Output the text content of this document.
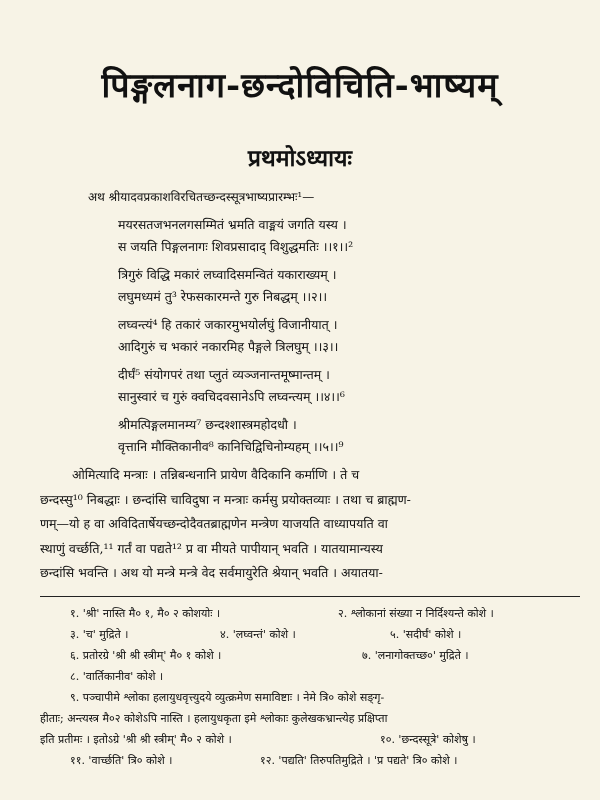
पिङ्गलनाग-छन्दोविचिति-भाष्यम्
प्रथमोऽध्यायः
अथ श्रीयादवप्रकाशविरचितच्छन्दस्सूत्रभाष्यप्रारम्भः¹—
मयरसतजभनलगसम्मितं भ्रमति वाङ्मयं जगति यस्य ।
स जयति पिङ्गलनागः शिवप्रसादाद् विशुद्धमतिः ।।१।।²
त्रिगुरुं विद्धि मकारं लघ्वादिसमन्वितं यकाराख्यम् ।
लघुमध्यमं तु³ रेफसकारमन्ते गुरु निबद्धम् ।।२।।
लघ्वन्त्यं⁴ हि तकारं जकारमुभयोर्लघुं विजानीयात् ।
आदिगुरुं च भकारं नकारमिह पैङ्गले त्रिलघुम् ।।३।।
दीर्घं⁵ संयोगपरं तथा प्लुतं व्यञ्जनान्तमूष्मान्तम् ।
सानुस्वारं च गुरुं क्वचिदवसानेऽपि लघ्वन्त्यम् ।।४।।⁶
श्रीमत्पिङ्गलमानम्य⁷ छन्दश्शास्त्रमहोदधौ ।
वृत्तानि मौक्तिकानीव⁸ कानिचिद्विचिनोम्यहम् ।।५।।⁹
ओमित्यादि मन्त्राः । तन्निबन्धनानि प्रायेण वैदिकानि कर्माणि । ते च
छन्दस्सु¹⁰ निबद्धाः । छन्दांसि चाविदुषा न मन्त्राः कर्मसु प्रयोक्तव्याः । तथा च ब्राह्मण-
णम्—यो ह वा अविदितार्षेयच्छन्दोदैवतब्राह्मणेन मन्त्रेण याजयति वाध्यापयति वा
स्थाणुं वर्च्छति,¹¹ गर्तं वा पद्यते¹² प्र वा मीयते पापीयान् भवति । यातयामान्यस्य
छन्दांसि भवन्ति । अथ यो मन्त्रे मन्त्रे वेद सर्वमायुरेति श्रेयान् भवति । अयातया-
१. 'श्री' नास्ति मै० १, मै० २ कोशयोः ।	२. श्लोकानां संख्या न निर्दिश्यन्ते कोशे ।
३. 'च' मुद्रिते ।	४. 'लघ्वन्तं' कोशे ।	५. 'सदीर्घं' कोशे ।
६. प्रतोरग्रे 'श्री श्री स्त्रीम्' मै० १ कोशे ।	७. 'लनागोक्तच्छ०' मुद्रिते ।
८. 'वार्तिकानीव' कोशे ।
९. पञ्चापीमे श्लोका हलायुधवृत्त्युदये व्युत्क्रमेण समाविष्टाः । नेमे त्रि० कोशे सङ्गृ-
हीताः; अन्त्यस्त्र मै०२ कोशेऽपि नास्ति । हलायुधकृता इमे श्लोकाः कुलेखकभ्रान्त्येह प्रक्षिप्ता
इति प्रतीमः । इतोऽग्रे 'श्री श्री स्त्रीम्' मै० २ कोशे ।	१०. 'छन्दस्सूत्रे' कोशेषु ।
११. 'वार्च्छति' त्रि० कोशे ।	१२. 'पद्यति' तिरुपतिमुद्रिते । 'प्र पद्यते' त्रि० कोशे ।
